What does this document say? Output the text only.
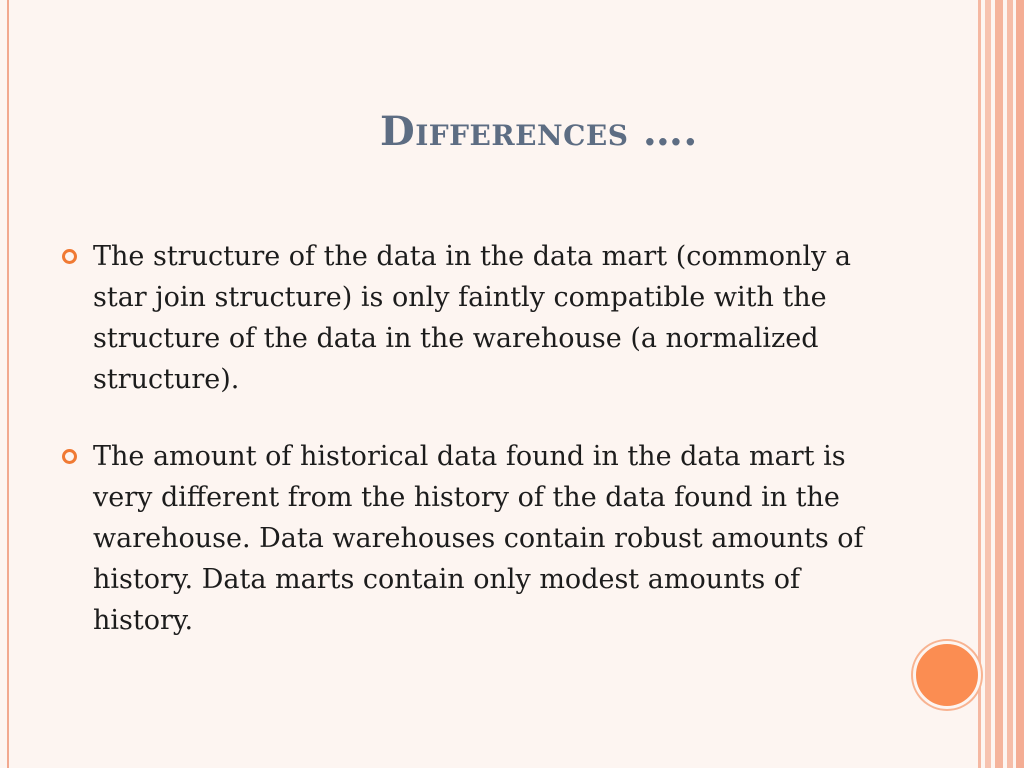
Differences ….
The structure of the data in the data mart (commonly a star join structure) is only faintly compatible with the structure of the data in the warehouse (a normalized structure).
The amount of historical data found in the data mart is very different from the history of the data found in the warehouse. Data warehouses contain robust amounts of history. Data marts contain only modest amounts of history.
